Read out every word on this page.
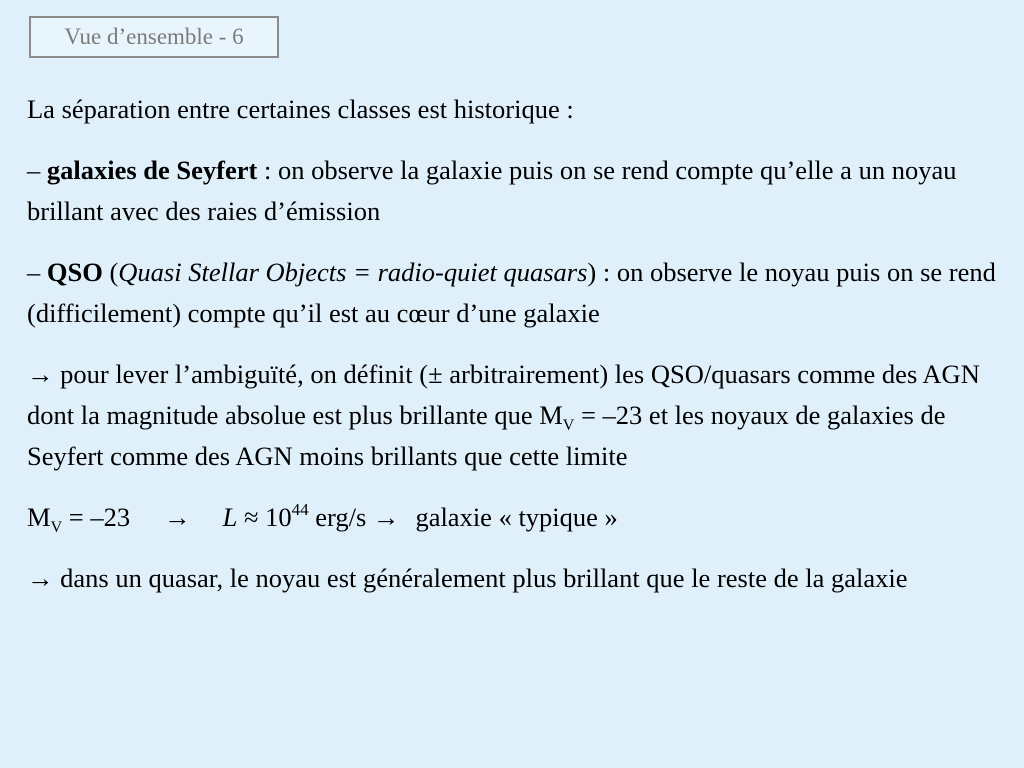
Vue d’ensemble - 6

La séparation entre certaines classes est historique :

– galaxies de Seyfert : on observe la galaxie puis on se rend compte qu’elle a un noyau brillant avec des raies d’émission

– QSO (Quasi Stellar Objects = radio-quiet quasars) : on observe le noyau puis on se rend (difficilement) compte qu’il est au cœur d’une galaxie

→ pour lever l’ambiguïté, on définit (± arbitrairement) les QSO/quasars comme des AGN dont la magnitude absolue est plus brillante que $M_V = -23$ et les noyaux de galaxies de Seyfert comme des AGN moins brillants que cette limite

$M_V = -23 \to L \approx 10^{44}$ erg/s → galaxie « typique »

→ dans un quasar, le noyau est généralement plus brillant que le reste de la galaxie
